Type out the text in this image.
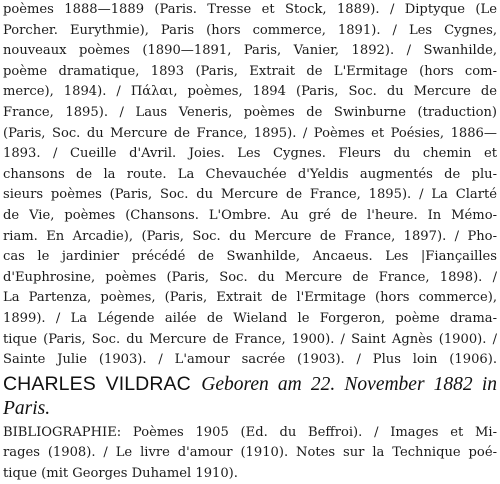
poèmes 1888—1889 (Paris. Tresse et Stock, 1889). / Diptyque (Le
Porcher. Eurythmie), Paris (hors commerce, 1891). / Les Cygnes,
nouveaux poèmes (1890—1891, Paris, Vanier, 1892). / Swanhilde,
poème dramatique, 1893 (Paris, Extrait de L'Ermitage (hors com-
merce), 1894). / Πάλαι, poèmes, 1894 (Paris, Soc. du Mercure de
France, 1895). / Laus Veneris, poèmes de Swinburne (traduction)
(Paris, Soc. du Mercure de France, 1895). / Poèmes et Poésies, 1886—
1893. / Cueille d'Avril. Joies. Les Cygnes. Fleurs du chemin et
chansons de la route. La Chevauchée d'Yeldis augmentés de plu-
sieurs poèmes (Paris, Soc. du Mercure de France, 1895). / La Clarté
de Vie, poèmes (Chansons. L'Ombre. Au gré de l'heure. In Mémo-
riam. En Arcadie), (Paris, Soc. du Mercure de France, 1897). / Pho-
cas le jardinier précédé de Swanhilde, Ancaeus. Les |Fiançailles
d'Euphrosine, poèmes (Paris, Soc. du Mercure de France, 1898). /
La Partenza, poèmes, (Paris, Extrait de l'Ermitage (hors commerce),
1899). / La Légende ailée de Wieland le Forgeron, poème drama-
tique (Paris, Soc. du Mercure de France, 1900). / Saint Agnès (1900). /
Sainte Julie (1903). / L'amour sacrée (1903). / Plus loin (1906).
CHARLES VILDRAC Geboren am 22. November 1882 in
Paris.
BIBLIOGRAPHIE: Poèmes 1905 (Ed. du Beffroi). / Images et Mi-
rages (1908). / Le livre d'amour (1910). Notes sur la Technique poé-
tique (mit Georges Duhamel 1910).
